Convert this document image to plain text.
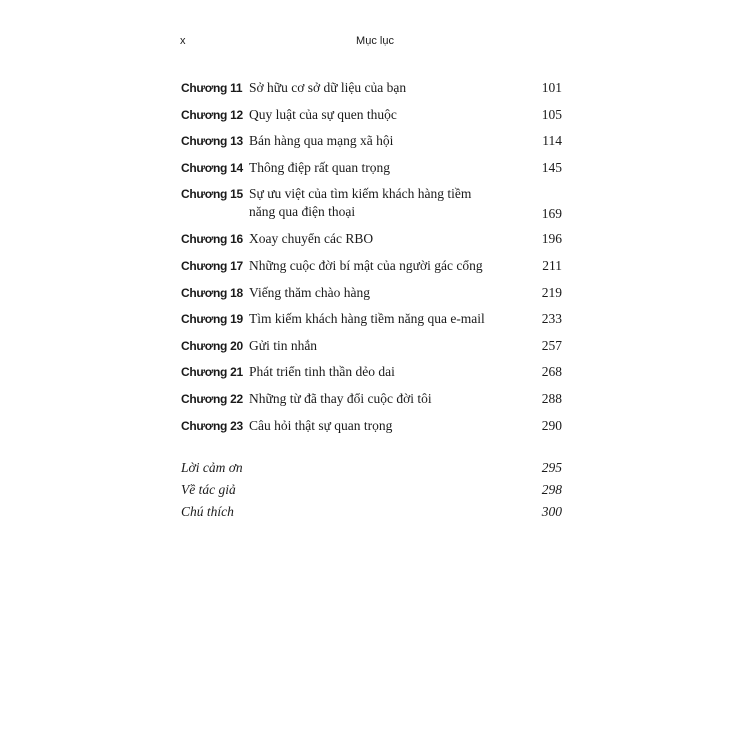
x	Mục lục
Chương 11 Sở hữu cơ sở dữ liệu của bạn	101
Chương 12 Quy luật của sự quen thuộc	105
Chương 13 Bán hàng qua mạng xã hội	114
Chương 14 Thông điệp rất quan trọng	145
Chương 15 Sự ưu việt của tìm kiếm khách hàng tiềm năng qua điện thoại	169
Chương 16 Xoay chuyển các RBO	196
Chương 17 Những cuộc đời bí mật của người gác cổng	211
Chương 18 Viếng thăm chào hàng	219
Chương 19 Tìm kiếm khách hàng tiềm năng qua e-mail	233
Chương 20 Gửi tin nhắn	257
Chương 21 Phát triển tinh thần dẻo dai	268
Chương 22 Những từ đã thay đổi cuộc đời tôi	288
Chương 23 Câu hỏi thật sự quan trọng	290
Lời cảm ơn	295
Về tác giả	298
Chú thích	300
